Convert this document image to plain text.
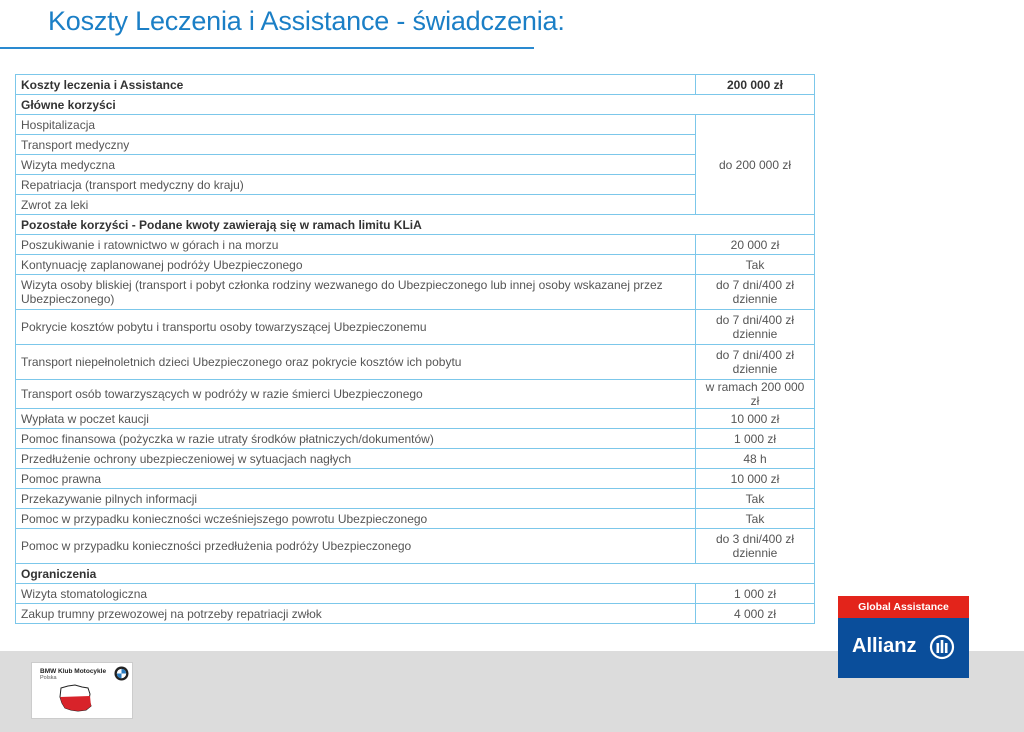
Koszty Leczenia i Assistance - świadczenia:
Koszty leczenia i Assistance	200 000 zł
Główne korzyści	
Hospitalizacja	do 200 000 zł
Transport medyczny	
Wizyta medyczna	
Repatriacja (transport medyczny do kraju)	
Zwrot za leki	
Pozostałe korzyści - Podane kwoty zawierają się w ramach limitu KLiA	
Poszukiwanie i ratownictwo w górach i na morzu	20 000 zł
Kontynuację zaplanowanej podróży Ubezpieczonego	Tak
Wizyta osoby bliskiej (transport i pobyt członka rodziny wezwanego do Ubezpieczonego lub innej osoby wskazanej przez Ubezpieczonego)	do 7 dni/400 zł dziennie
Pokrycie kosztów pobytu i transportu osoby towarzyszącej Ubezpieczonemu	do 7 dni/400 zł dziennie
Transport niepełnoletnich dzieci Ubezpieczonego oraz pokrycie kosztów ich pobytu	do 7 dni/400 zł dziennie
Transport osób towarzyszących w podróży w razie śmierci Ubezpieczonego	w ramach 200 000 zł
Wypłata w poczet kaucji	10 000 zł
Pomoc finansowa (pożyczka w razie utraty środków płatniczych/dokumentów)	1 000 zł
Przedłużenie ochrony ubezpieczeniowej w sytuacjach nagłych	48 h
Pomoc prawna	10 000 zł
Przekazywanie pilnych informacji	Tak
Pomoc w przypadku konieczności wcześniejszego powrotu Ubezpieczonego	Tak
Pomoc w przypadku konieczności przedłużenia podróży Ubezpieczonego	do 3 dni/400 zł dziennie
Ograniczenia	
Wizyta stomatologiczna	1 000 zł
Zakup trumny przewozowej na potrzeby repatriacji zwłok	4 000 zł
BMW Klub Motocykle
Polska
Global Assistance
Allianz
